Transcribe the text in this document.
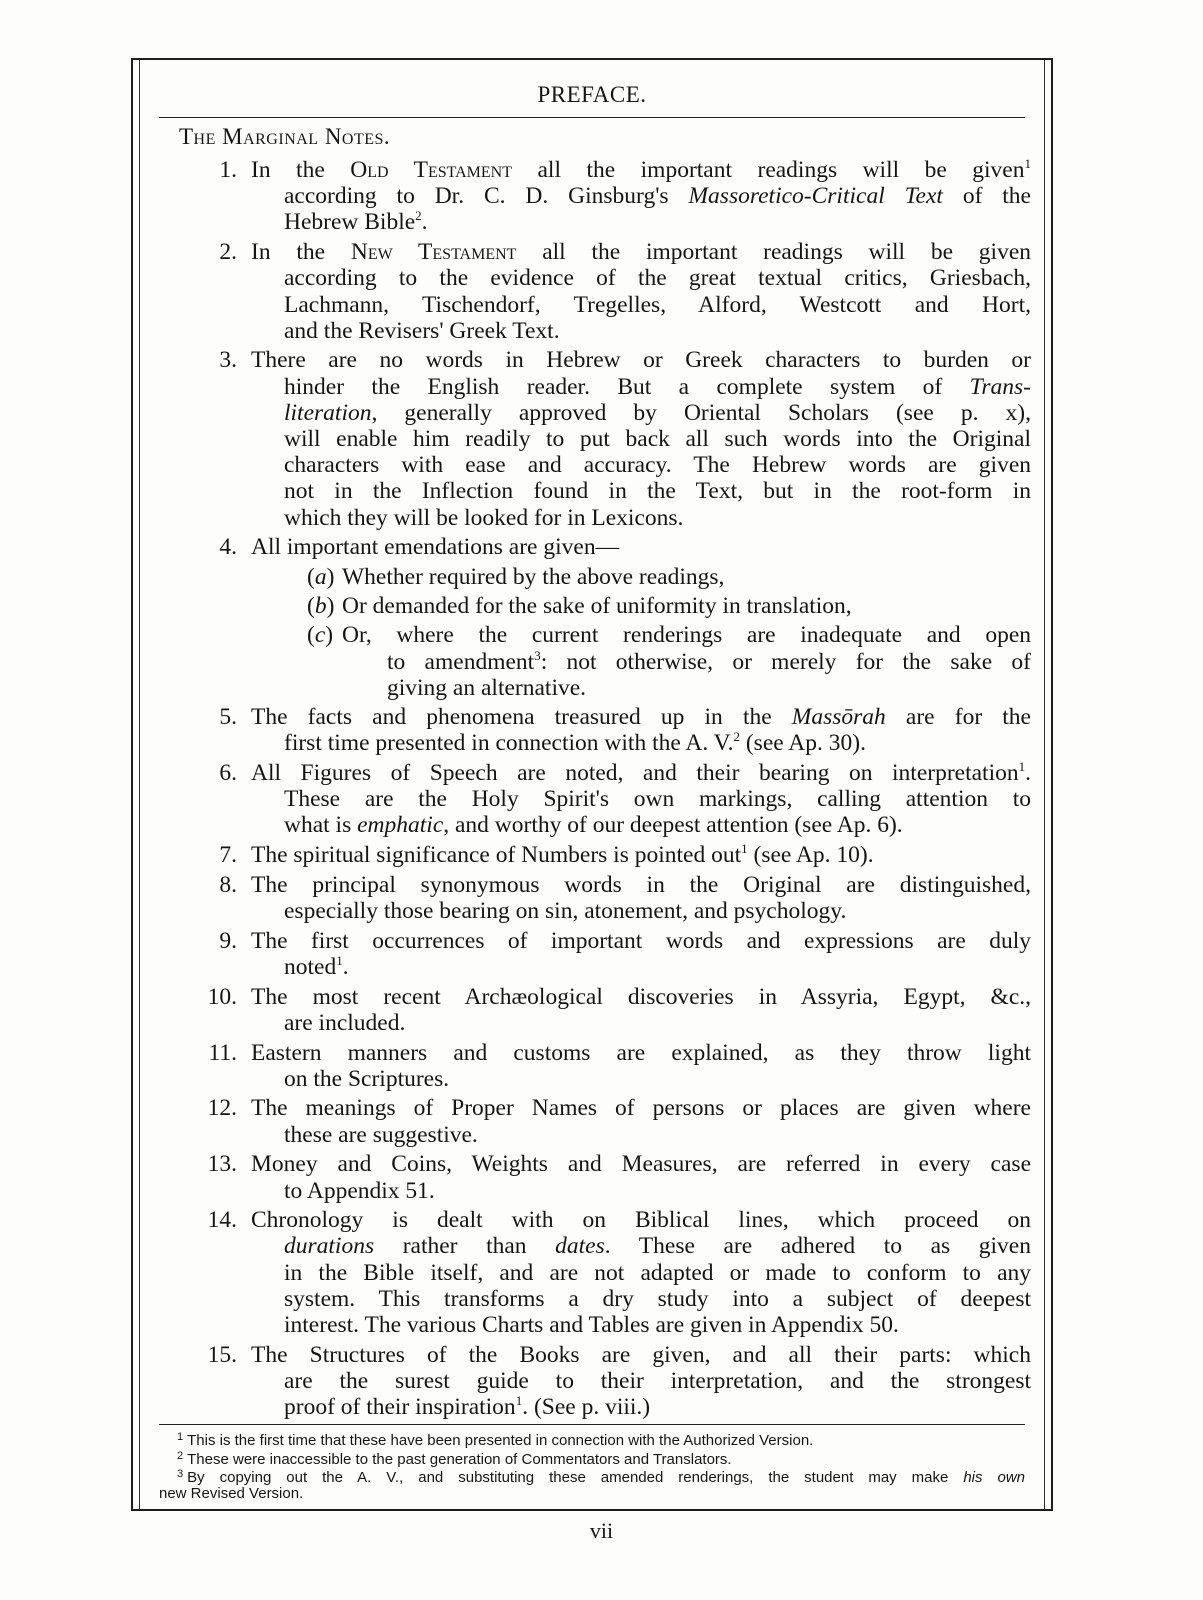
PREFACE.
The Marginal Notes.
1. In the Old Testament all the important readings will be given$^1$
according to Dr. C. D. Ginsburg's Massoretico-Critical Text of the
Hebrew Bible$^2$.
2. In the New Testament all the important readings will be given
according to the evidence of the great textual critics, Griesbach,
Lachmann, Tischendorf, Tregelles, Alford, Westcott and Hort,
and the Revisers' Greek Text.
3. There are no words in Hebrew or Greek characters to burden or
hinder the English reader. But a complete system of Trans-
literation, generally approved by Oriental Scholars (see p. x),
will enable him readily to put back all such words into the Original
characters with ease and accuracy. The Hebrew words are given
not in the Inflection found in the Text, but in the root-form in
which they will be looked for in Lexicons.
4. All important emendations are given—
(a) Whether required by the above readings,
(b) Or demanded for the sake of uniformity in translation,
(c) Or, where the current renderings are inadequate and open
to amendment$^3$: not otherwise, or merely for the sake of
giving an alternative.
5. The facts and phenomena treasured up in the Massōrah are for the
first time presented in connection with the A. V.$^2$ (see Ap. 30).
6. All Figures of Speech are noted, and their bearing on interpretation$^1$.
These are the Holy Spirit's own markings, calling attention to
what is emphatic, and worthy of our deepest attention (see Ap. 6).
7. The spiritual significance of Numbers is pointed out$^1$ (see Ap. 10).
8. The principal synonymous words in the Original are distinguished,
especially those bearing on sin, atonement, and psychology.
9. The first occurrences of important words and expressions are duly
noted$^1$.
10. The most recent Archæological discoveries in Assyria, Egypt, &c.,
are included.
11. Eastern manners and customs are explained, as they throw light
on the Scriptures.
12. The meanings of Proper Names of persons or places are given where
these are suggestive.
13. Money and Coins, Weights and Measures, are referred in every case
to Appendix 51.
14. Chronology is dealt with on Biblical lines, which proceed on
durations rather than dates. These are adhered to as given
in the Bible itself, and are not adapted or made to conform to any
system. This transforms a dry study into a subject of deepest
interest. The various Charts and Tables are given in Appendix 50.
15. The Structures of the Books are given, and all their parts: which
are the surest guide to their interpretation, and the strongest
proof of their inspiration$^1$. (See p. viii.)
$^1$ This is the first time that these have been presented in connection with the Authorized Version.
$^2$ These were inaccessible to the past generation of Commentators and Translators.
$^3$ By copying out the A. V., and substituting these amended renderings, the student may make his own
new Revised Version.
vii
